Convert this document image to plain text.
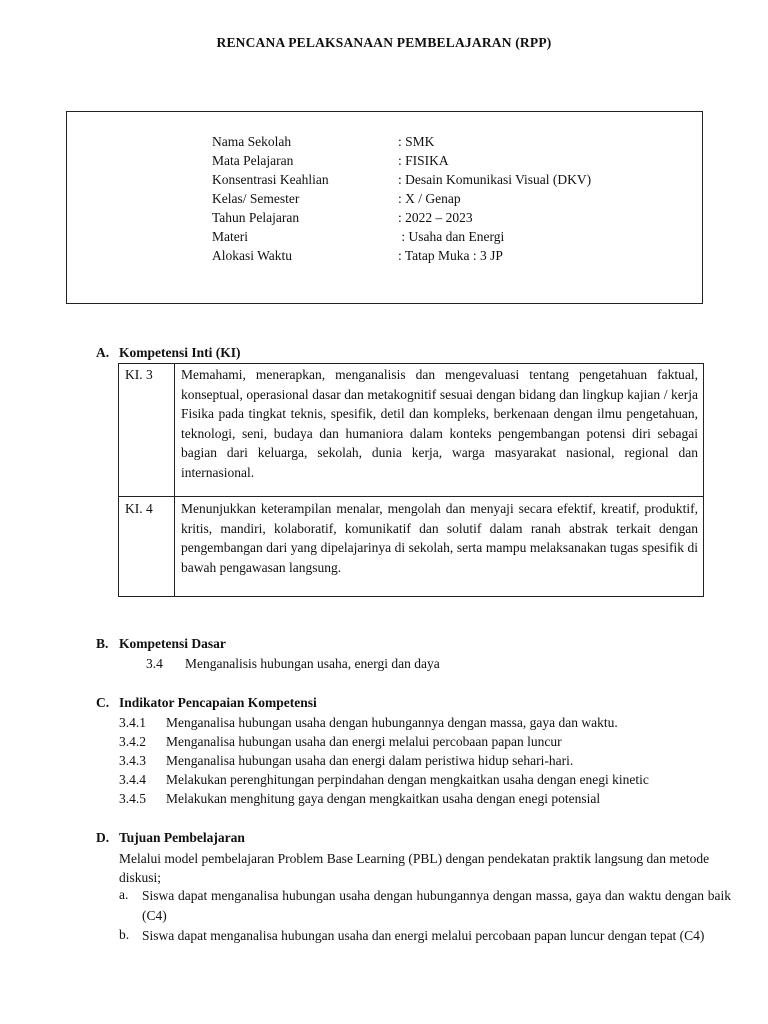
RENCANA PELAKSANAAN PEMBELAJARAN (RPP)
Nama Sekolah	: SMK
Mata Pelajaran	: FISIKA
Konsentrasi Keahlian	: Desain Komunikasi Visual (DKV)
Kelas/ Semester	: X / Genap
Tahun Pelajaran	: 2022 – 2023
Materi	: Usaha dan Energi
Alokasi Waktu	: Tatap Muka : 3 JP
A. Kompetensi Inti (KI)
KI. 3 Memahami, menerapkan, menganalisis dan mengevaluasi tentang pengetahuan faktual, konseptual, operasional dasar dan metakognitif sesuai dengan bidang dan lingkup kajian / kerja Fisika pada tingkat teknis, spesifik, detil dan kompleks, berkenaan dengan ilmu pengetahuan, teknologi, seni, budaya dan humaniora dalam konteks pengembangan potensi diri sebagai bagian dari keluarga, sekolah, dunia kerja, warga masyarakat nasional, regional dan internasional.
KI. 4 Menunjukkan keterampilan menalar, mengolah dan menyaji secara efektif, kreatif, produktif, kritis, mandiri, kolaboratif, komunikatif dan solutif dalam ranah abstrak terkait dengan pengembangan dari yang dipelajarinya di sekolah, serta mampu melaksanakan tugas spesifik di bawah pengawasan langsung.
B. Kompetensi Dasar
3.4 Menganalisis hubungan usaha, energi dan daya
C. Indikator Pencapaian Kompetensi
3.4.1 Menganalisa hubungan usaha dengan hubungannya dengan massa, gaya dan waktu.
3.4.2 Menganalisa hubungan usaha dan energi melalui percobaan papan luncur
3.4.3 Menganalisa hubungan usaha dan energi dalam peristiwa hidup sehari-hari.
3.4.4 Melakukan perenghitungan perpindahan dengan mengkaitkan usaha dengan enegi kinetic
3.4.5 Melakukan menghitung gaya dengan mengkaitkan usaha dengan enegi potensial
D. Tujuan Pembelajaran
Melalui model pembelajaran Problem Base Learning (PBL) dengan pendekatan praktik langsung dan metode diskusi;
a. Siswa dapat menganalisa hubungan usaha dengan hubungannya dengan massa, gaya dan waktu dengan baik (C4)
b. Siswa dapat menganalisa hubungan usaha dan energi melalui percobaan papan luncur dengan tepat (C4)
